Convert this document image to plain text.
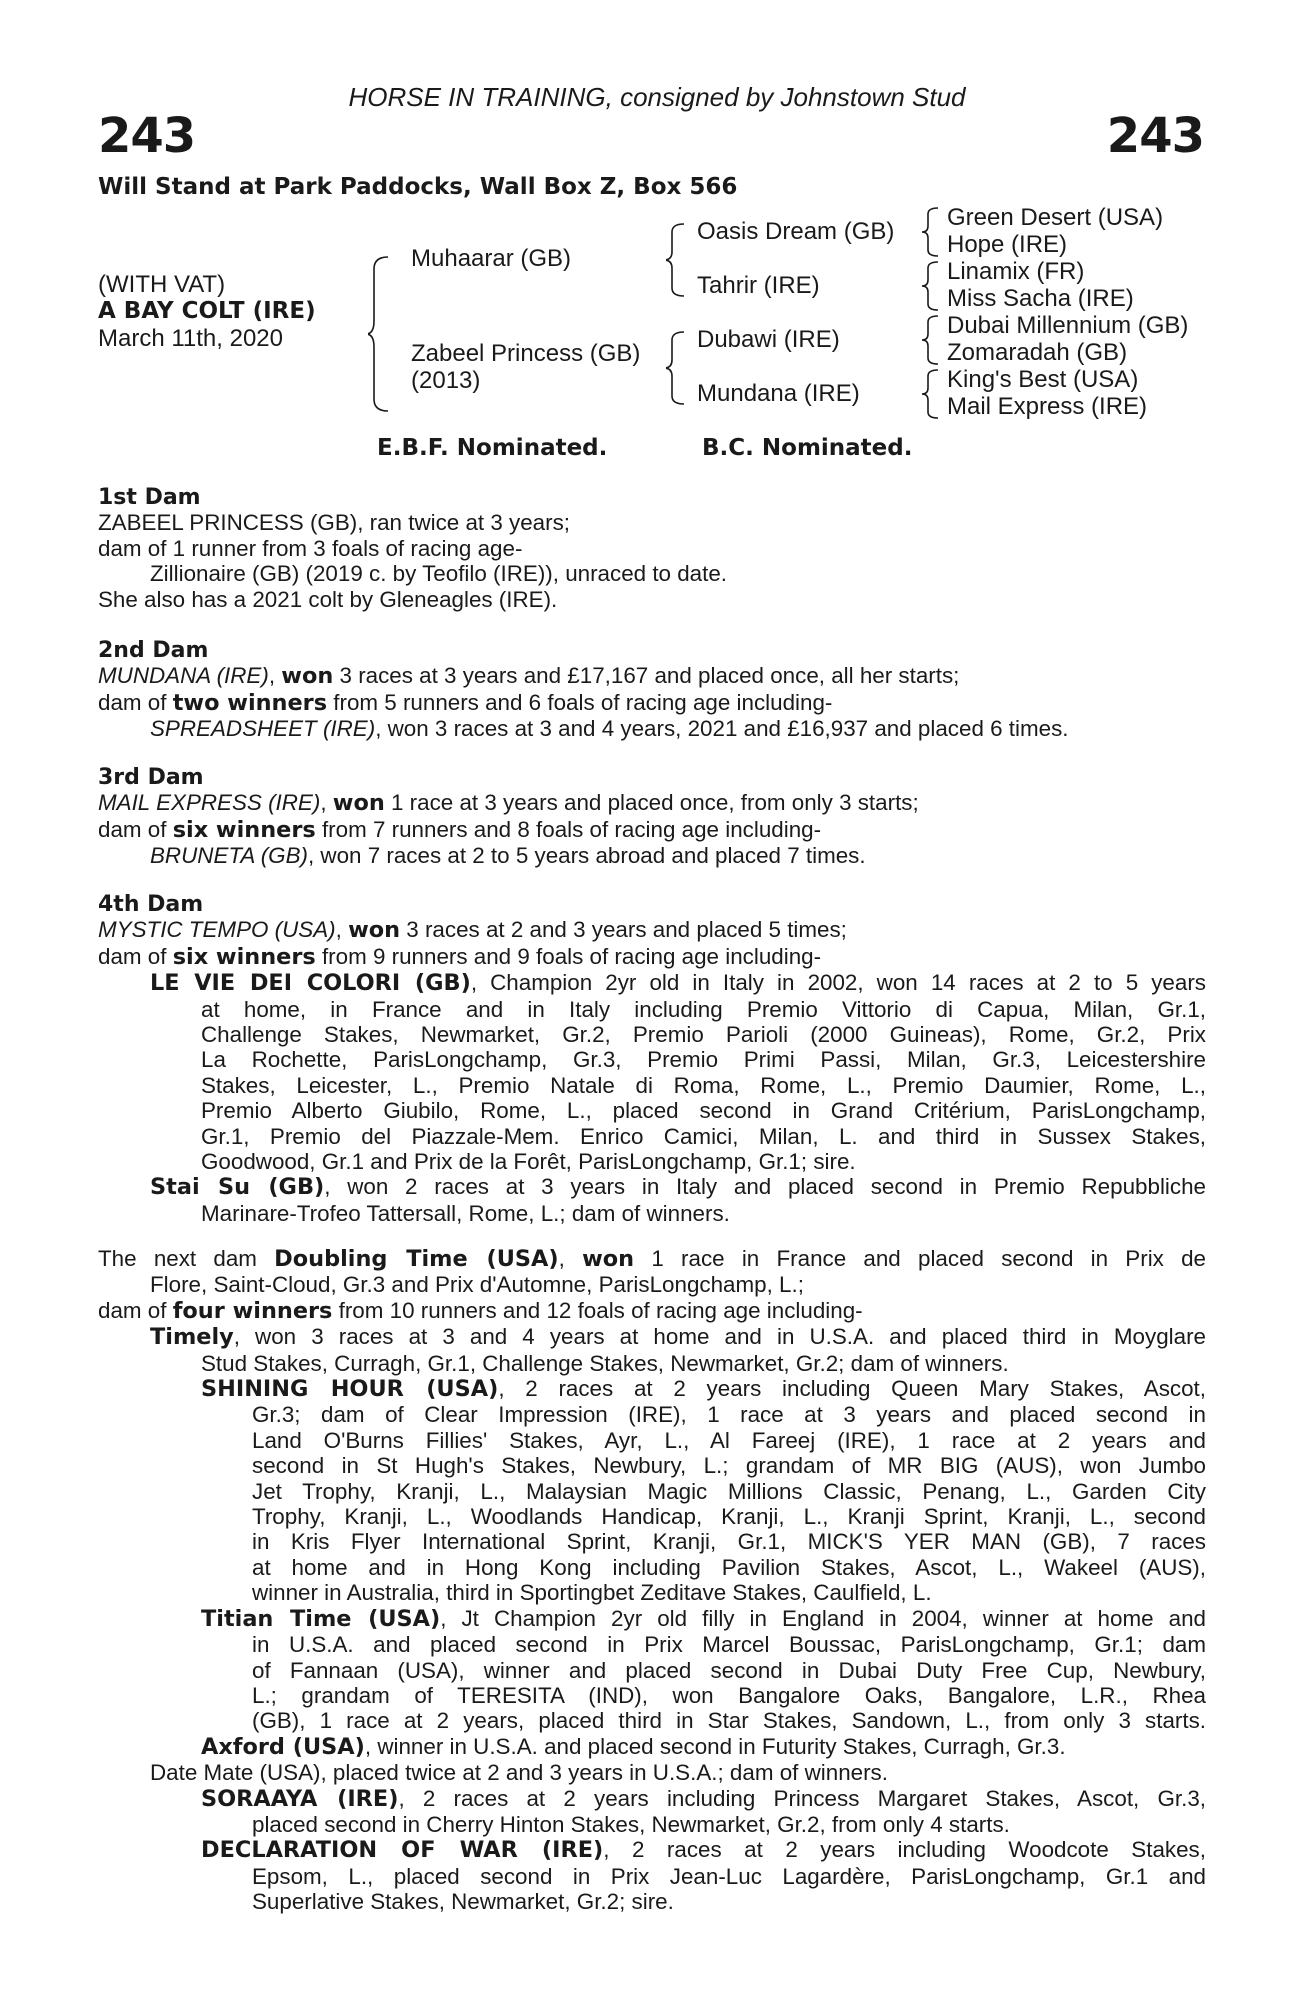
HORSE IN TRAINING, consigned by Johnstown Stud
243	243
Will Stand at Park Paddocks, Wall Box Z, Box 566
(WITH VAT)
A BAY COLT (IRE)
March 11th, 2020
Muhaarar (GB)
Zabeel Princess (GB)
(2013)
Oasis Dream (GB)
Tahrir (IRE)
Dubawi (IRE)
Mundana (IRE)
Green Desert (USA)
Hope (IRE)
Linamix (FR)
Miss Sacha (IRE)
Dubai Millennium (GB)
Zomaradah (GB)
King's Best (USA)
Mail Express (IRE)
E.B.F. Nominated.	B.C. Nominated.
1st Dam
ZABEEL PRINCESS (GB), ran twice at 3 years;
dam of 1 runner from 3 foals of racing age-
Zillionaire (GB) (2019 c. by Teofilo (IRE)), unraced to date.
She also has a 2021 colt by Gleneagles (IRE).
2nd Dam
MUNDANA (IRE), won 3 races at 3 years and £17,167 and placed once, all her starts;
dam of two winners from 5 runners and 6 foals of racing age including-
SPREADSHEET (IRE), won 3 races at 3 and 4 years, 2021 and £16,937 and placed 6 times.
3rd Dam
MAIL EXPRESS (IRE), won 1 race at 3 years and placed once, from only 3 starts;
dam of six winners from 7 runners and 8 foals of racing age including-
BRUNETA (GB), won 7 races at 2 to 5 years abroad and placed 7 times.
4th Dam
MYSTIC TEMPO (USA), won 3 races at 2 and 3 years and placed 5 times;
dam of six winners from 9 runners and 9 foals of racing age including-
LE VIE DEI COLORI (GB), Champion 2yr old in Italy in 2002, won 14 races at 2 to 5 years
at home, in France and in Italy including Premio Vittorio di Capua, Milan, Gr.1,
Challenge Stakes, Newmarket, Gr.2, Premio Parioli (2000 Guineas), Rome, Gr.2, Prix
La Rochette, ParisLongchamp, Gr.3, Premio Primi Passi, Milan, Gr.3, Leicestershire
Stakes, Leicester, L., Premio Natale di Roma, Rome, L., Premio Daumier, Rome, L.,
Premio Alberto Giubilo, Rome, L., placed second in Grand Critérium, ParisLongchamp,
Gr.1, Premio del Piazzale-Mem. Enrico Camici, Milan, L. and third in Sussex Stakes,
Goodwood, Gr.1 and Prix de la Forêt, ParisLongchamp, Gr.1; sire.
Stai Su (GB), won 2 races at 3 years in Italy and placed second in Premio Repubbliche
Marinare-Trofeo Tattersall, Rome, L.; dam of winners.
The next dam Doubling Time (USA), won 1 race in France and placed second in Prix de
Flore, Saint-Cloud, Gr.3 and Prix d'Automne, ParisLongchamp, L.;
dam of four winners from 10 runners and 12 foals of racing age including-
Timely, won 3 races at 3 and 4 years at home and in U.S.A. and placed third in Moyglare
Stud Stakes, Curragh, Gr.1, Challenge Stakes, Newmarket, Gr.2; dam of winners.
SHINING HOUR (USA), 2 races at 2 years including Queen Mary Stakes, Ascot,
Gr.3; dam of Clear Impression (IRE), 1 race at 3 years and placed second in
Land O'Burns Fillies' Stakes, Ayr, L., Al Fareej (IRE), 1 race at 2 years and
second in St Hugh's Stakes, Newbury, L.; grandam of MR BIG (AUS), won Jumbo
Jet Trophy, Kranji, L., Malaysian Magic Millions Classic, Penang, L., Garden City
Trophy, Kranji, L., Woodlands Handicap, Kranji, L., Kranji Sprint, Kranji, L., second
in Kris Flyer International Sprint, Kranji, Gr.1, MICK'S YER MAN (GB), 7 races
at home and in Hong Kong including Pavilion Stakes, Ascot, L., Wakeel (AUS),
winner in Australia, third in Sportingbet Zeditave Stakes, Caulfield, L.
Titian Time (USA), Jt Champion 2yr old filly in England in 2004, winner at home and
in U.S.A. and placed second in Prix Marcel Boussac, ParisLongchamp, Gr.1; dam
of Fannaan (USA), winner and placed second in Dubai Duty Free Cup, Newbury,
L.; grandam of TERESITA (IND), won Bangalore Oaks, Bangalore, L.R., Rhea
(GB), 1 race at 2 years, placed third in Star Stakes, Sandown, L., from only 3 starts.
Axford (USA), winner in U.S.A. and placed second in Futurity Stakes, Curragh, Gr.3.
Date Mate (USA), placed twice at 2 and 3 years in U.S.A.; dam of winners.
SORAAYA (IRE), 2 races at 2 years including Princess Margaret Stakes, Ascot, Gr.3,
placed second in Cherry Hinton Stakes, Newmarket, Gr.2, from only 4 starts.
DECLARATION OF WAR (IRE), 2 races at 2 years including Woodcote Stakes,
Epsom, L., placed second in Prix Jean-Luc Lagardère, ParisLongchamp, Gr.1 and
Superlative Stakes, Newmarket, Gr.2; sire.
